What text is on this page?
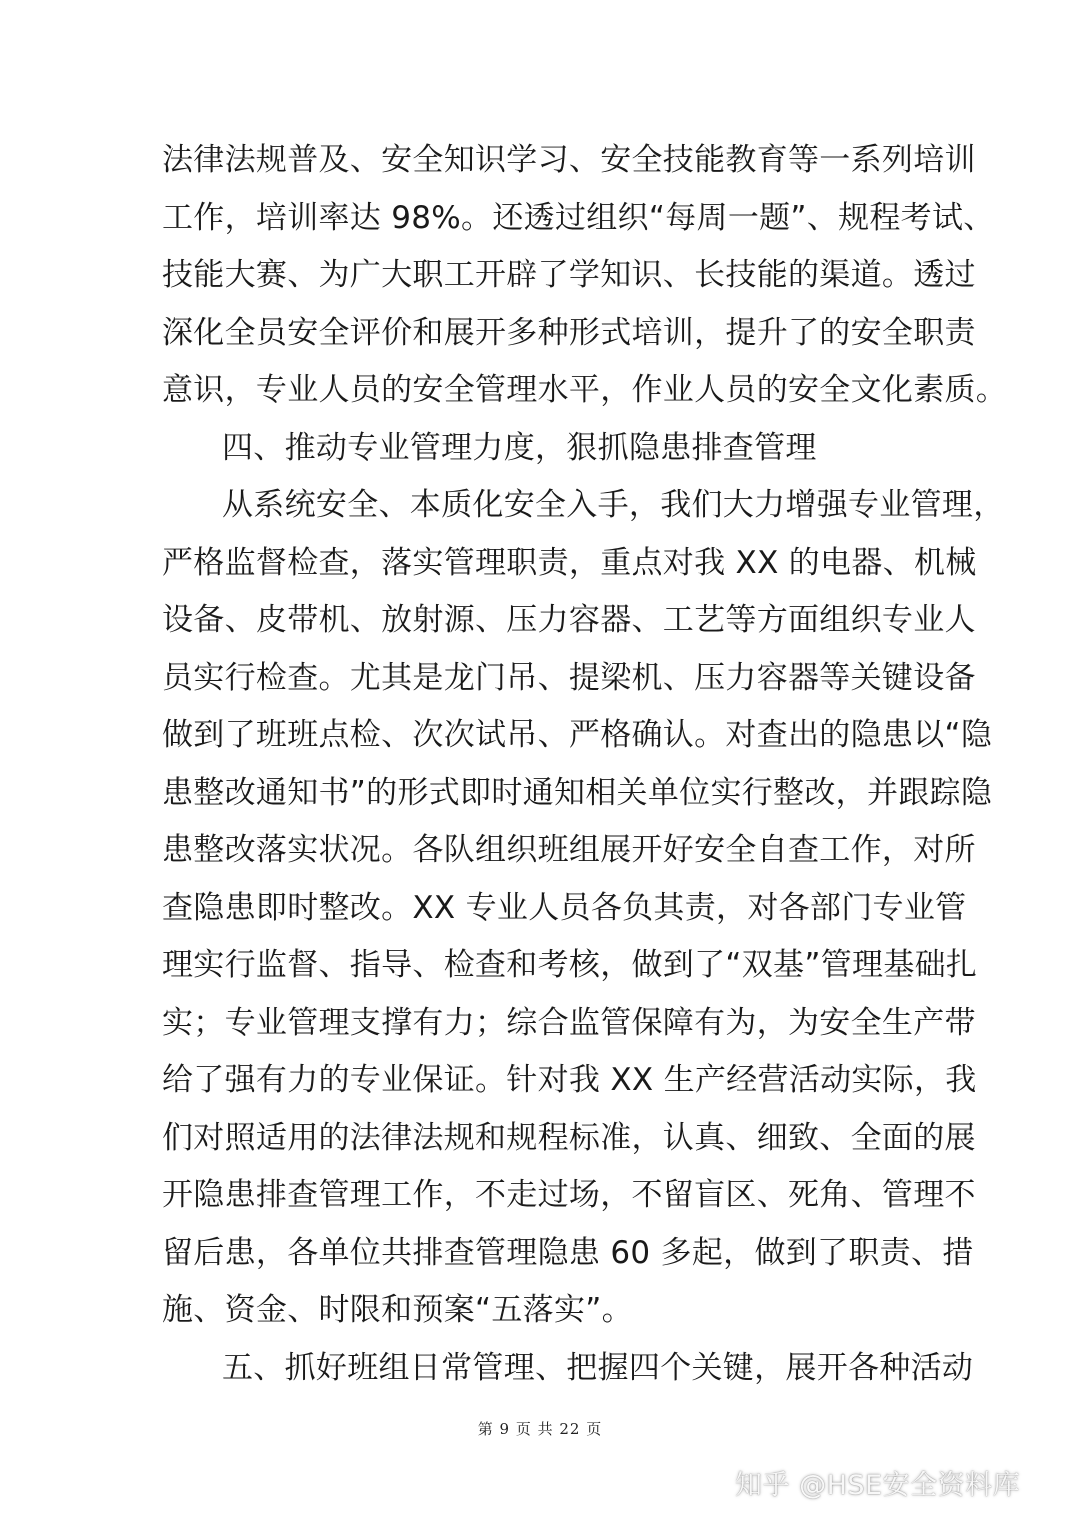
法律法规普及、安全知识学习、安全技能教育等一系列培训
工作，培训率达 98%。还透过组织“每周一题”、规程考试、
技能大赛、为广大职工开辟了学知识、长技能的渠道。透过
深化全员安全评价和展开多种形式培训，提升了的安全职责
意识，专业人员的安全管理水平，作业人员的安全文化素质。
四、推动专业管理力度，狠抓隐患排查管理
从系统安全、本质化安全入手，我们大力增强专业管理，
严格监督检查，落实管理职责，重点对我 XX 的电器、机械
设备、皮带机、放射源、压力容器、工艺等方面组织专业人
员实行检查。尤其是龙门吊、提梁机、压力容器等关键设备
做到了班班点检、次次试吊、严格确认。对查出的隐患以“隐
患整改通知书”的形式即时通知相关单位实行整改，并跟踪隐
患整改落实状况。各队组织班组展开好安全自查工作，对所
查隐患即时整改。XX 专业人员各负其责，对各部门专业管
理实行监督、指导、检查和考核，做到了“双基”管理基础扎
实；专业管理支撑有力；综合监管保障有为，为安全生产带
给了强有力的专业保证。针对我 XX 生产经营活动实际，我
们对照适用的法律法规和规程标准，认真、细致、全面的展
开隐患排查管理工作，不走过场，不留盲区、死角、管理不
留后患，各单位共排查管理隐患 60 多起，做到了职责、措
施、资金、时限和预案“五落实”。
五、抓好班组日常管理、把握四个关键，展开各种活动
第 9 页 共 22 页
知乎 @HSE安全资料库
